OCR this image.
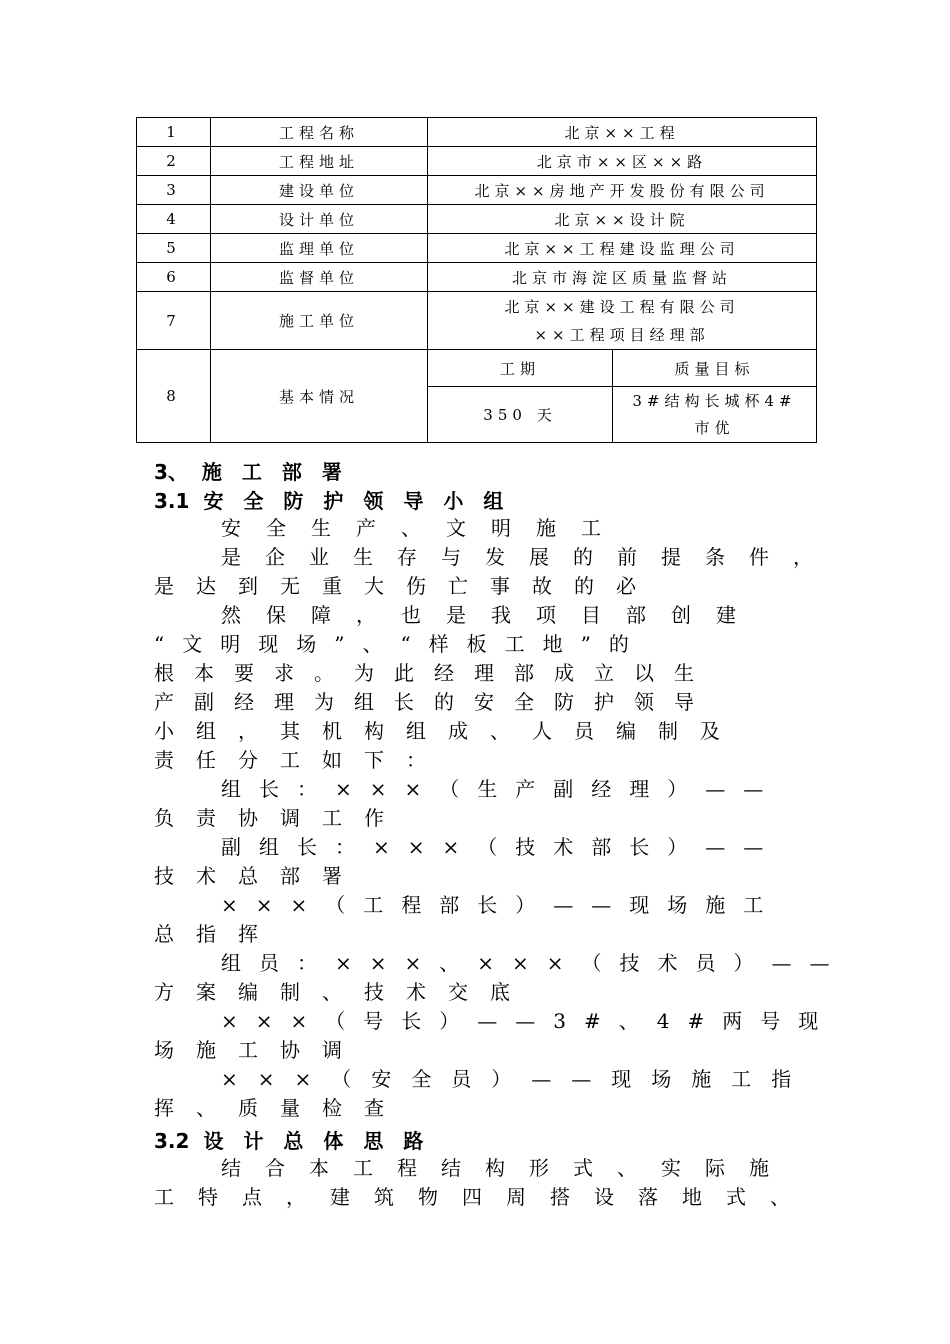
1	工程名称	北京××工程	
2	工程地址	北京市××区××路	
3	建设单位	北京××房地产开发股份有限公司	
4	设计单位	北京××设计院	
5	监理单位	北京××工程建设监理公司	
6	监督单位	北京市海淀区质量监督站	
7	施工单位	北京××建设工程有限公司
××工程项目经理部	

8	基本情况	工期	质量目标
		350 天	3#结构长城杯4#
市优
3、 施工部署
3.1 安全防护领导小组
安全生产、文明施工
是企业生存与发展的前提条件，
是达到无重大伤亡事故的必
然保障，也是我项目部创建
“文明现场”、“样板工地”的
根本要求。为此经理部成立以生
产副经理为组长的安全防护领导
小组，其机构组成、人员编制及
责任分工如下：
组长：×××（生产副经理）——
负责协调工作
副组长：×××（技术部长）——
技术总部署
×××（工程部长）——现场施工
总指挥
组员：×××、×××（技术员）——
方案编制、技术交底
×××（号长）——3#、4#两号现
场施工协调
×××（安全员）——现场施工指
挥、质量检查
3.2 设计总体思路
结合本工程结构形式、实际施
工特点，建筑物四周搭设落地式、
